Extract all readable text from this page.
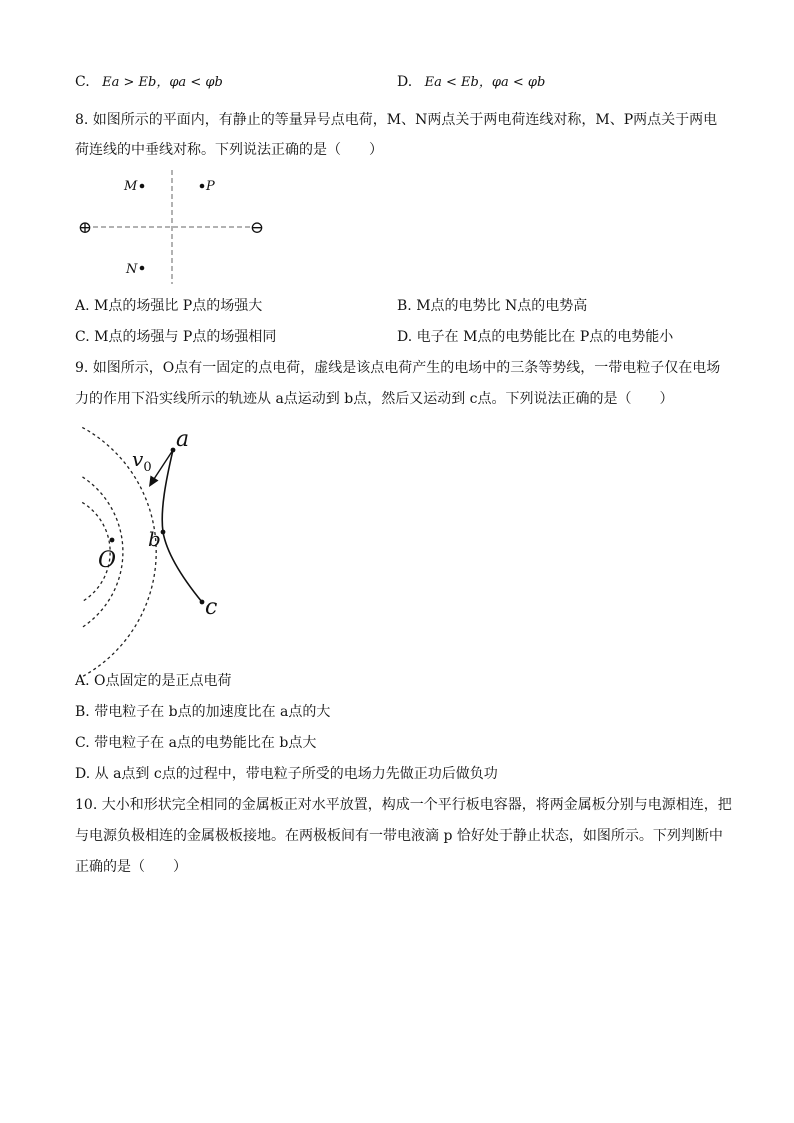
C. Ea > Eb，φa < φb	D. Ea < Eb，φa < φb
8. 如图所示的平面内，有静止的等量异号点电荷，M、N两点关于两电荷连线对称，M、P两点关于两电
荷连线的中垂线对称。下列说法正确的是（　　）
⊕	⊖
M	P
N
A. M点的场强比 P点的场强大	B. M点的电势比 N点的电势高
C. M点的场强与 P点的场强相同	D. 电子在 M点的电势能比在 P点的电势能小
9. 如图所示，O点有一固定的点电荷，虚线是该点电荷产生的电场中的三条等势线，一带电粒子仅在电场
力的作用下沿实线所示的轨迹从 a点运动到 b点，然后又运动到 c点。下列说法正确的是（　　）
a
b
c
O
$v_0$
A. O点固定的是正点电荷
B. 带电粒子在 b点的加速度比在 a点的大
C. 带电粒子在 a点的电势能比在 b点大
D. 从 a点到 c点的过程中，带电粒子所受的电场力先做正功后做负功
10. 大小和形状完全相同的金属板正对水平放置，构成一个平行板电容器，将两金属板分别与电源相连，把
与电源负极相连的金属极板接地。在两极板间有一带电液滴 p 恰好处于静止状态，如图所示。下列判断中
正确的是（　　）
